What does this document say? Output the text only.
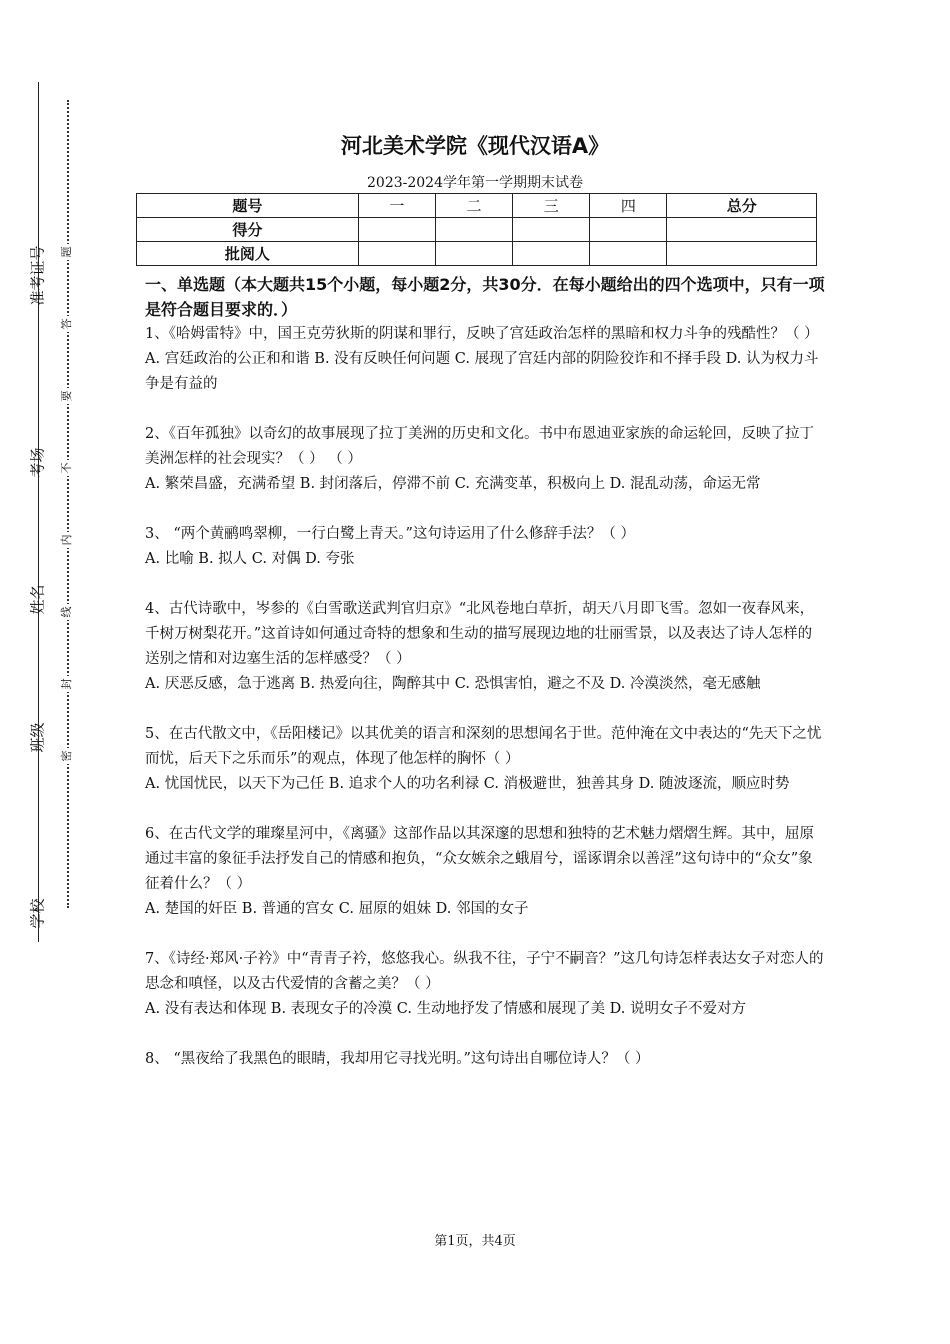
准考证号
考场
姓名
班级
学校
题
答
要
不
内
线
封
密
河北美术学院《现代汉语A》
2023-2024学年第一学期期末试卷
题号	一	二	三	四	总分
得分					
批阅人					
一、单选题（本大题共15个小题，每小题2分，共30分．在每小题给出的四个选项中，只有一项是符合题目要求的．）

1、《哈姆雷特》中，国王克劳狄斯的阴谋和罪行，反映了宫廷政治怎样的黑暗和权力斗争的残酷性？（ ）

A. 宫廷政治的公正和和谐 B. 没有反映任何问题 C. 展现了宫廷内部的阴险狡诈和不择手段 D. 认为权力斗争是有益的

2、《百年孤独》以奇幻的故事展现了拉丁美洲的历史和文化。书中布恩迪亚家族的命运轮回，反映了拉丁美洲怎样的社会现实？（ ） （ ）

A. 繁荣昌盛，充满希望 B. 封闭落后，停滞不前 C. 充满变革，积极向上 D. 混乱动荡，命运无常

3、 “两个黄鹂鸣翠柳，一行白鹭上青天。”这句诗运用了什么修辞手法？（ ）

A. 比喻 B. 拟人 C. 对偶 D. 夸张

4、古代诗歌中，岑参的《白雪歌送武判官归京》“北风卷地白草折，胡天八月即飞雪。忽如一夜春风来，千树万树梨花开。”这首诗如何通过奇特的想象和生动的描写展现边地的壮丽雪景，以及表达了诗人怎样的送别之情和对边塞生活的怎样感受？（ ）

A. 厌恶反感，急于逃离 B. 热爱向往，陶醉其中 C. 恐惧害怕，避之不及 D. 冷漠淡然，毫无感触

5、在古代散文中，《岳阳楼记》以其优美的语言和深刻的思想闻名于世。范仲淹在文中表达的“先天下之忧而忧，后天下之乐而乐”的观点，体现了他怎样的胸怀（ ）

A. 忧国忧民，以天下为己任 B. 追求个人的功名利禄 C. 消极避世，独善其身 D. 随波逐流，顺应时势

6、在古代文学的璀璨星河中，《离骚》这部作品以其深邃的思想和独特的艺术魅力熠熠生辉。其中，屈原通过丰富的象征手法抒发自己的情感和抱负，“众女嫉余之蛾眉兮，谣诼谓余以善淫”这句诗中的“众女”象征着什么？（ ）

A. 楚国的奸臣 B. 普通的宫女 C. 屈原的姐妹 D. 邻国的女子

7、《诗经·郑风·子衿》中“青青子衿，悠悠我心。纵我不往，子宁不嗣音？”这几句诗怎样表达女子对恋人的思念和嗔怪，以及古代爱情的含蓄之美？（ ）

A. 没有表达和体现 B. 表现女子的冷漠 C. 生动地抒发了情感和展现了美 D. 说明女子不爱对方

8、 “黑夜给了我黑色的眼睛，我却用它寻找光明。”这句诗出自哪位诗人？（ ）

第1页，共4页
